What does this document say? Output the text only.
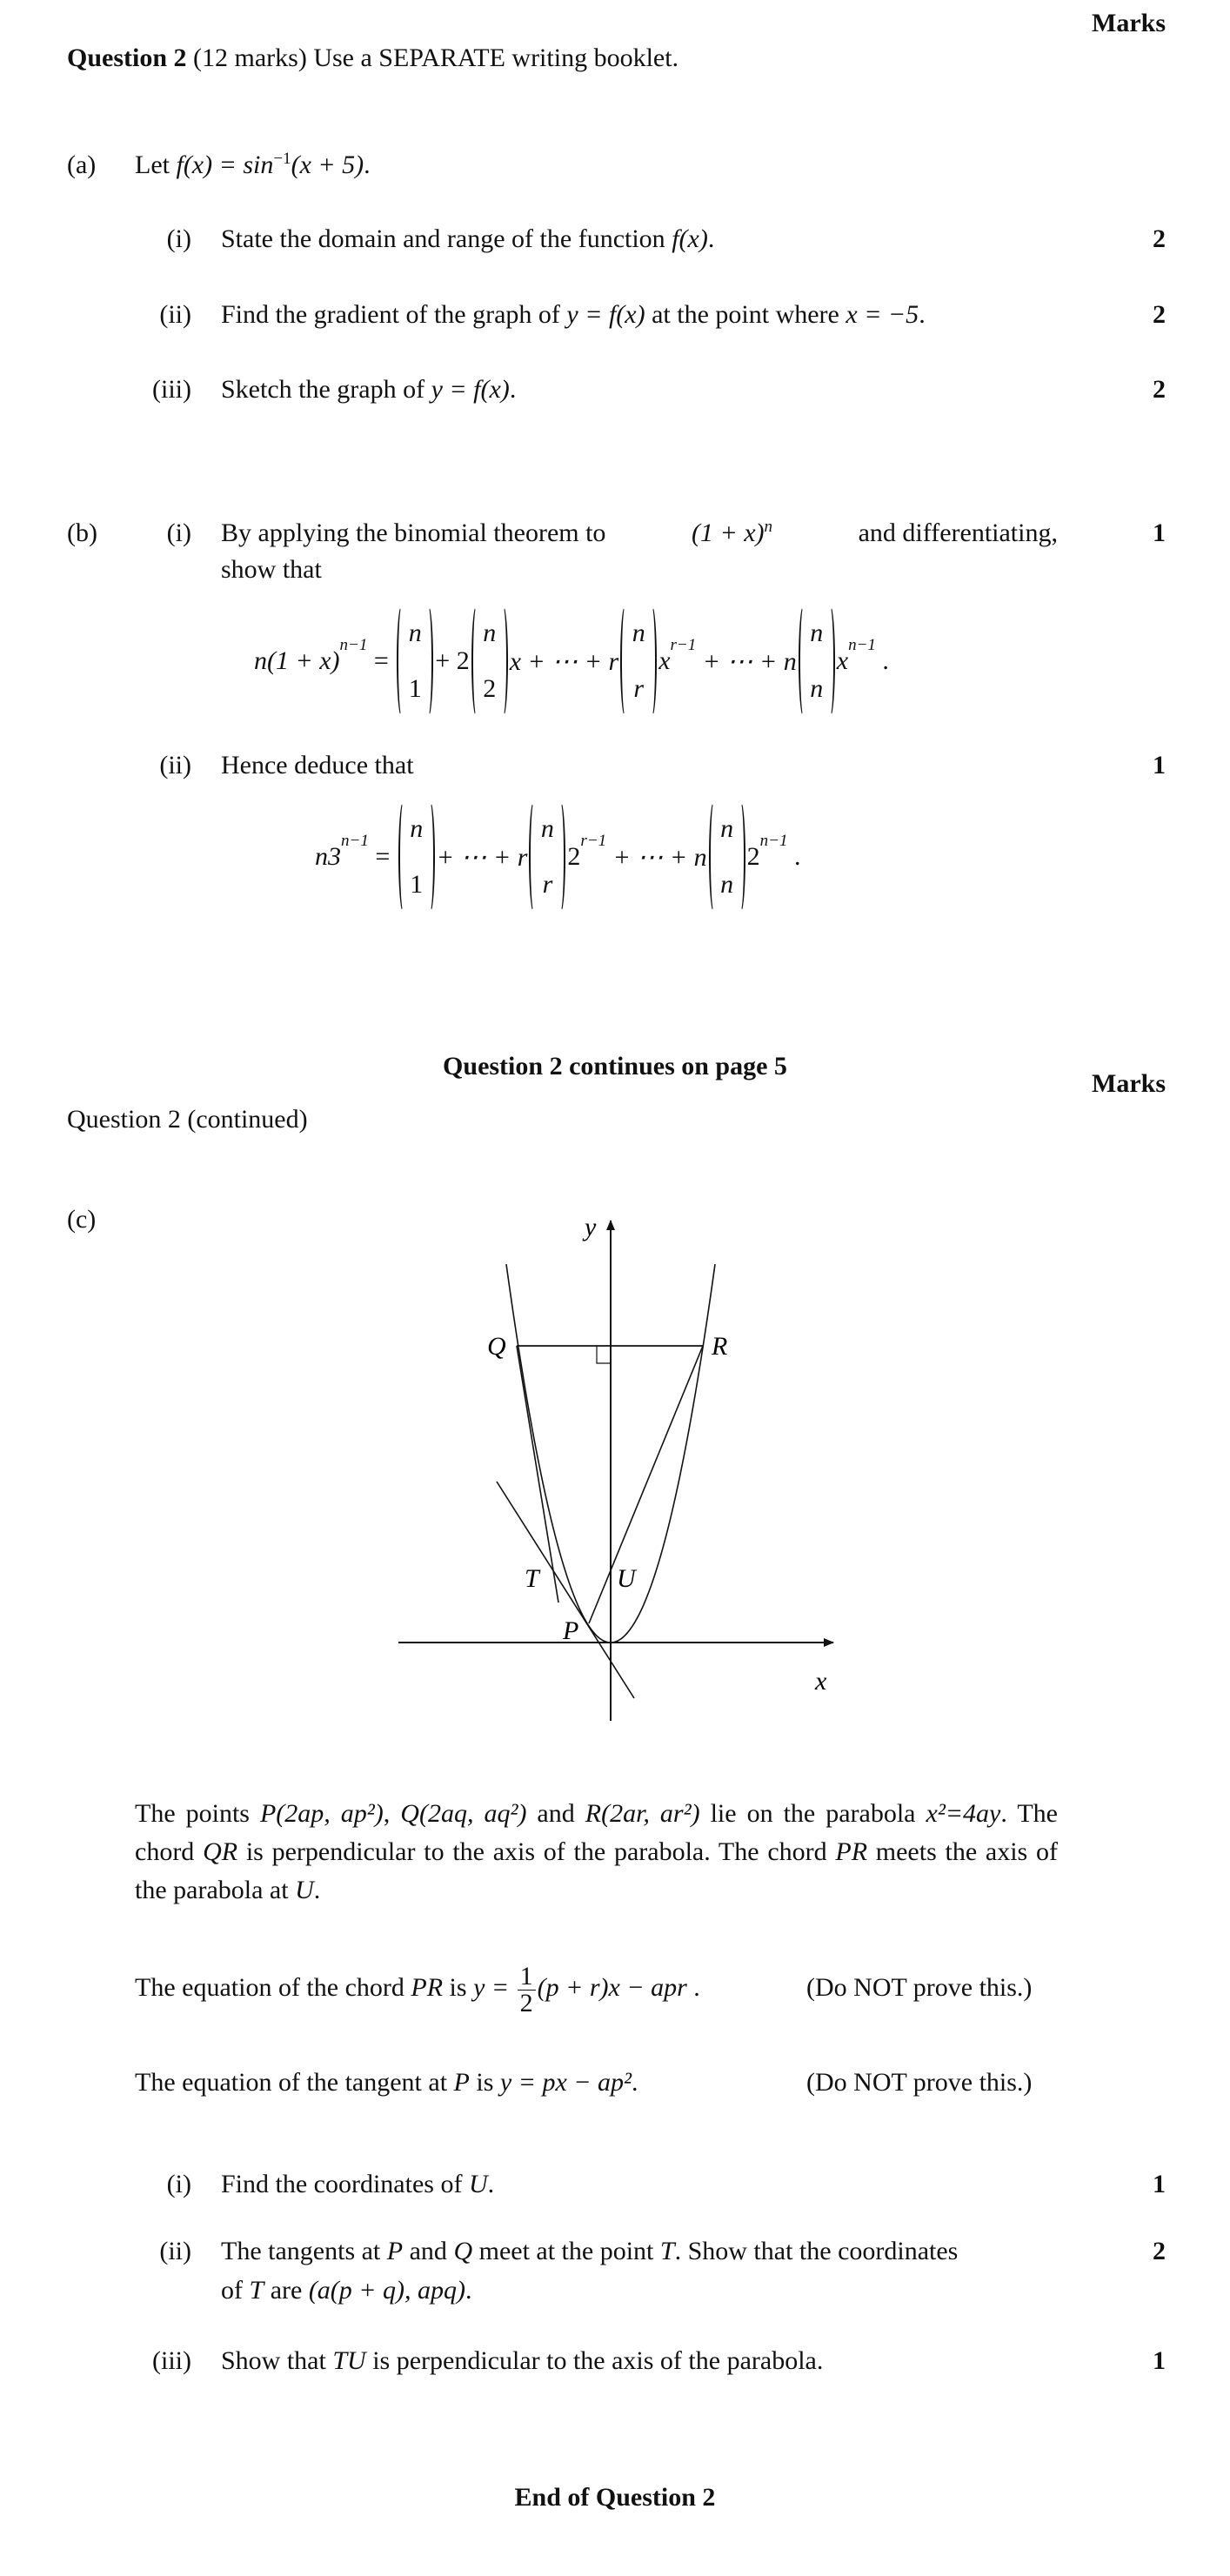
Marks
Question 2 (12 marks) Use a SEPARATE writing booklet.
(a) Let $f(x) = \sin^{-1}(x + 5)$.
(i) State the domain and range of the function f(x).	2
(ii) Find the gradient of the graph of y = f(x) at the point where x = −5.	2
(iii) Sketch the graph of y = f(x).	2
(b)	(i) By applying the binomial theorem to	$(1 + x)^n$	and differentiating,
show that
1
n(1 + x)
$^{n-1}$
=
n
1
+ 2
n
2
x + ⋯ + r
n
r
x
$^{r-1}$
+ ⋯ + n
n
n
x
$^{n-1}$
.
(ii) Hence deduce that	1
n3
$^{n-1}$
=
n
1
+ ⋯ + r
n
r
2
$^{r-1}$
+ ⋯ + n
n
n
2
$^{n-1}$
.
Question 2 continues on page 5
Marks
Question 2 (continued)
(c)	y
x
Q	R
T	U
P
The points P(2ap, ap²), Q(2aq, aq²) and R(2ar, ar²) lie on the parabola x²=4ay. The chord QR is perpendicular to the axis of the parabola. The chord PR meets the axis of the parabola at U.
The equation of the chord PR is $y = \frac{1}{2} (p + r)x$ − apr .	(Do NOT prove this.)
The equation of the tangent at P is y = px − ap².	(Do NOT prove this.)
(i) Find the coordinates of U.	1
(ii) The tangents at P and Q meet at the point T. Show that the coordinates
of T are (a(p + q), apq).
2
(iii) Show that TU is perpendicular to the axis of the parabola.	1
End of Question 2
